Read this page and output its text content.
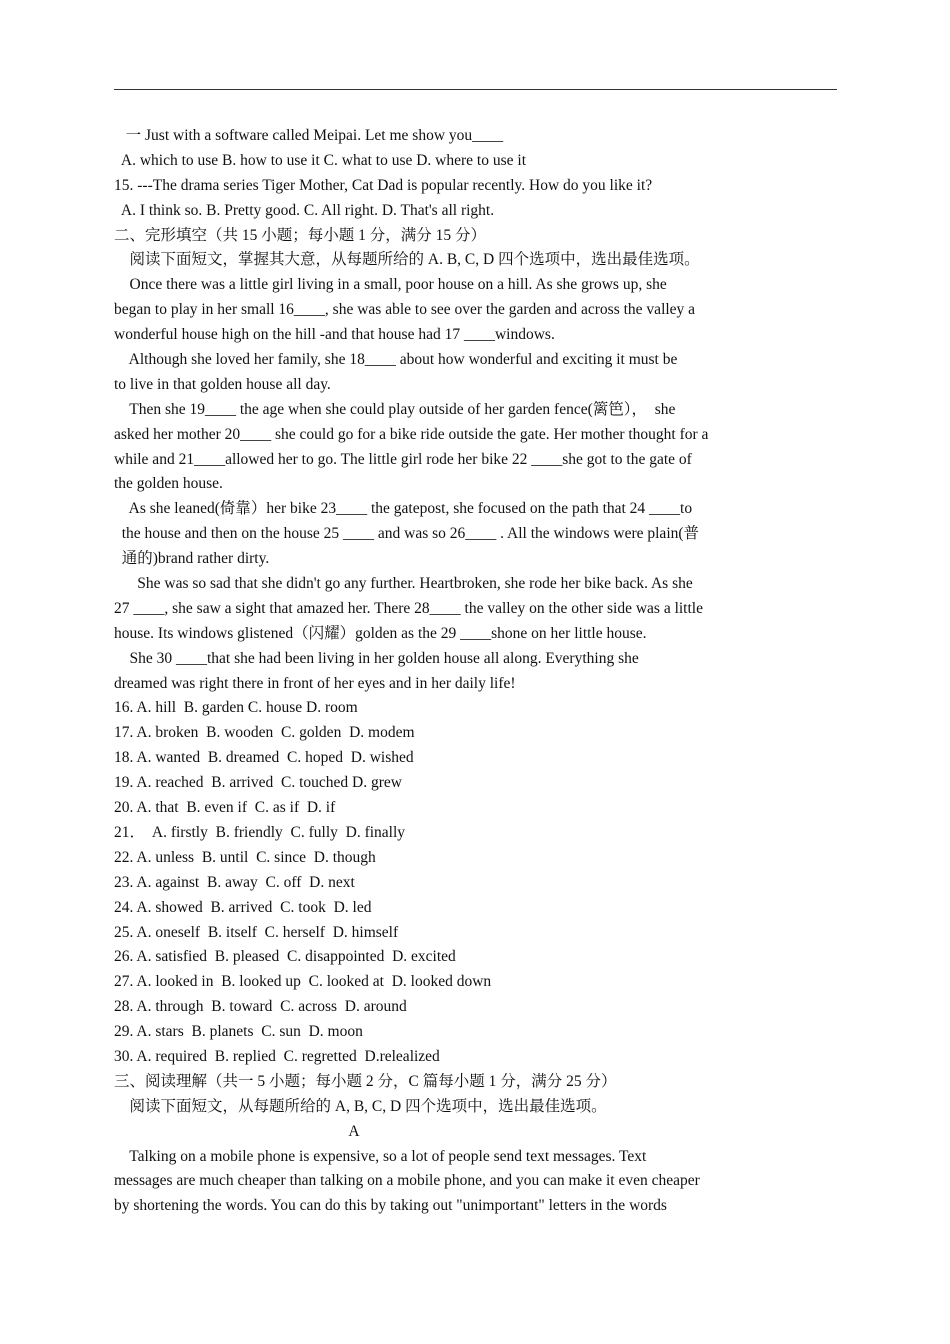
一 Just with a software called Meipai. Let me show you____

A. which to use B. how to use it C. what to use D. where to use it

15. ---The drama series Tiger Mother, Cat Dad is popular recently. How do you like it?

A. I think so. B. Pretty good. C. All right. D. That's all right.

二、完形填空（共 15 小题；每小题 1 分，满分 15 分）

阅读下面短文，掌握其大意，从每题所给的 A. B, C, D 四个选项中，选出最佳选项。

Once there was a little girl living in a small, poor house on a hill. As she grows up, she

began to play in her small 16____, she was able to see over the garden and across the valley a

wonderful house high on the hill -and that house had 17 ____windows.

Although she loved her family, she 18____ about how wonderful and exciting it must be

to live in that golden house all day.

Then she 19____ the age when she could play outside of her garden fence(篱笆），  she

asked her mother 20____ she could go for a bike ride outside the gate. Her mother thought for a

while and 21____allowed her to go. The little girl rode her bike 22 ____she got to the gate of

the golden house.

As she leaned(倚靠）her bike 23____ the gatepost, she focused on the path that 24 ____to

the house and then on the house 25 ____ and was so 26____ . All the windows were plain(普

通的)brand rather dirty.

She was so sad that she didn't go any further. Heartbroken, she rode her bike back. As she

27 ____, she saw a sight that amazed her. There 28____ the valley on the other side was a little

house. Its windows glistened（闪耀）golden as the 29 ____shone on her little house.

She 30 ____that she had been living in her golden house all along. Everything she

dreamed was right there in front of her eyes and in her daily life!

16. A. hill  B. garden C. house D. room

17. A. broken  B. wooden  C. golden  D. modem

18. A. wanted  B. dreamed  C. hoped  D. wished

19. A. reached  B. arrived  C. touched D. grew

20. A. that  B. even if  C. as if  D. if

21．  A. firstly  B. friendly  C. fully  D. finally

22. A. unless  B. until  C. since  D. though

23. A. against  B. away  C. off  D. next

24. A. showed  B. arrived  C. took  D. led

25. A. oneself  B. itself  C. herself  D. himself

26. A. satisfied  B. pleased  C. disappointed  D. excited

27. A. looked in  B. looked up  C. looked at  D. looked down

28. A. through  B. toward  C. across  D. around

29. A. stars  B. planets  C. sun  D. moon

30. A. required  B. replied  C. regretted  D.relealized

三、阅读理解（共一 5 小题；每小题 2 分，C 篇每小题 1 分，满分 25 分）

阅读下面短文，从每题所给的 A, B, C, D 四个选项中，选出最佳选项。

A

Talking on a mobile phone is expensive, so a lot of people send text messages. Text

messages are much cheaper than talking on a mobile phone, and you can make it even cheaper

by shortening the words. You can do this by taking out "unimportant" letters in the words
